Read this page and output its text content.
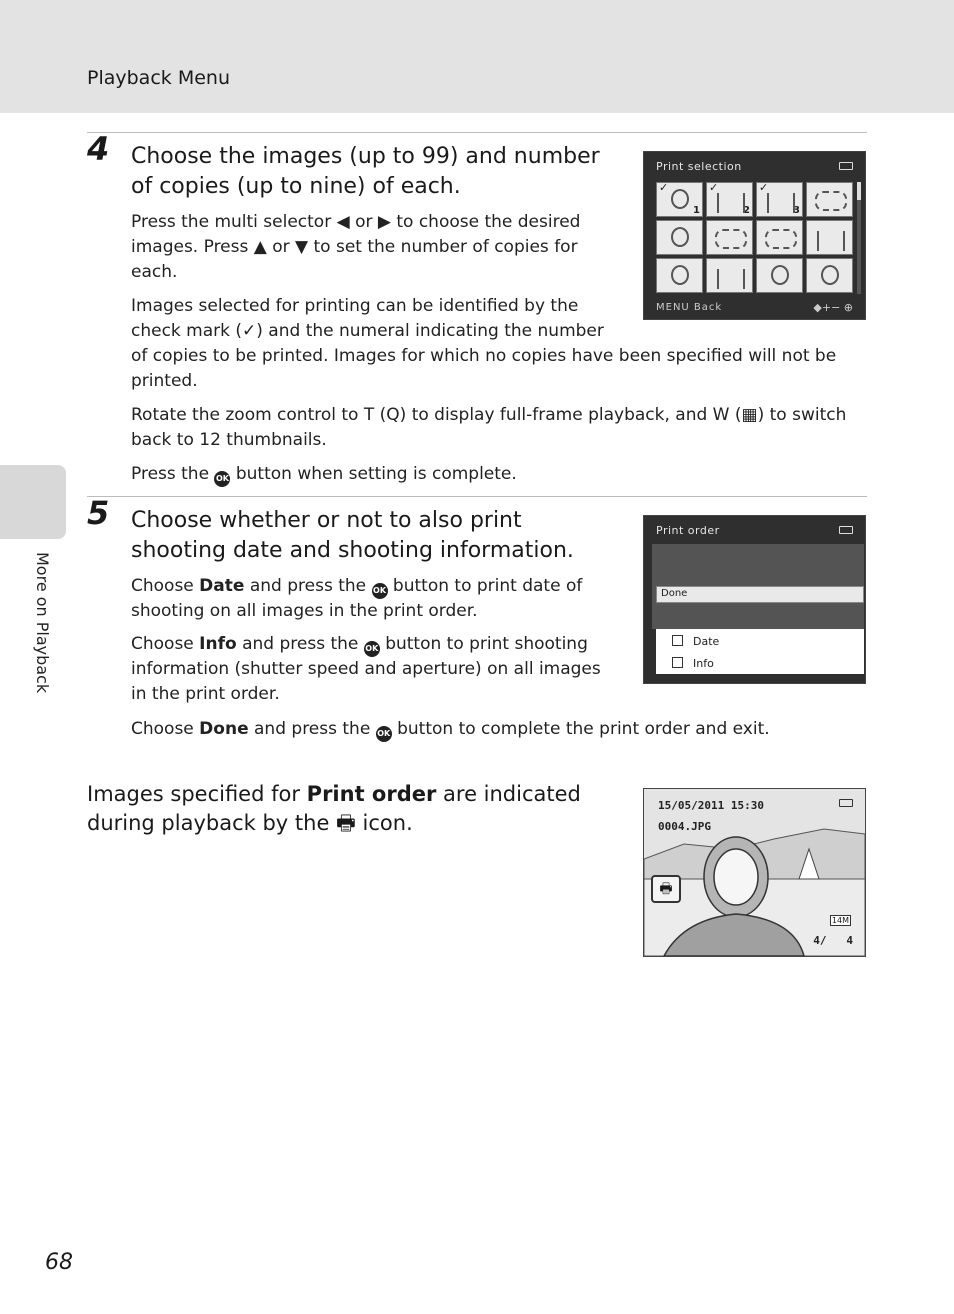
Playback Menu
More on Playback
4 Choose the images (up to 99) and number of copies (up to nine) of each.
Press the multi selector ◀ or ▶ to choose the desired images. Press ▲ or ▼ to set the number of copies for each.
Images selected for printing can be identified by the check mark (✓) and the numeral indicating the number
of copies to be printed. Images for which no copies have been specified will not be printed.
Rotate the zoom control to T (Q) to display full-frame playback, and W (▦) to switch back to 12 thumbnails.
Press the OK button when setting is complete.
Print selection
✓
1
✓
2
✓
3
MENU Back	◆+− ⊕
5 Choose whether or not to also print shooting date and shooting information.
Choose Date and press the OK button to print date of shooting on all images in the print order.
Choose Info and press the OK button to print shooting information (shutter speed and aperture) on all images in the print order.
Choose Done and press the OK button to complete the print order and exit.
Print order
Done
Date
Info
Images specified for Print order are indicated during playback by the 🖶 icon.
15/05/2011 15:30
0004.JPG
🖶
14M
4/   4
68
